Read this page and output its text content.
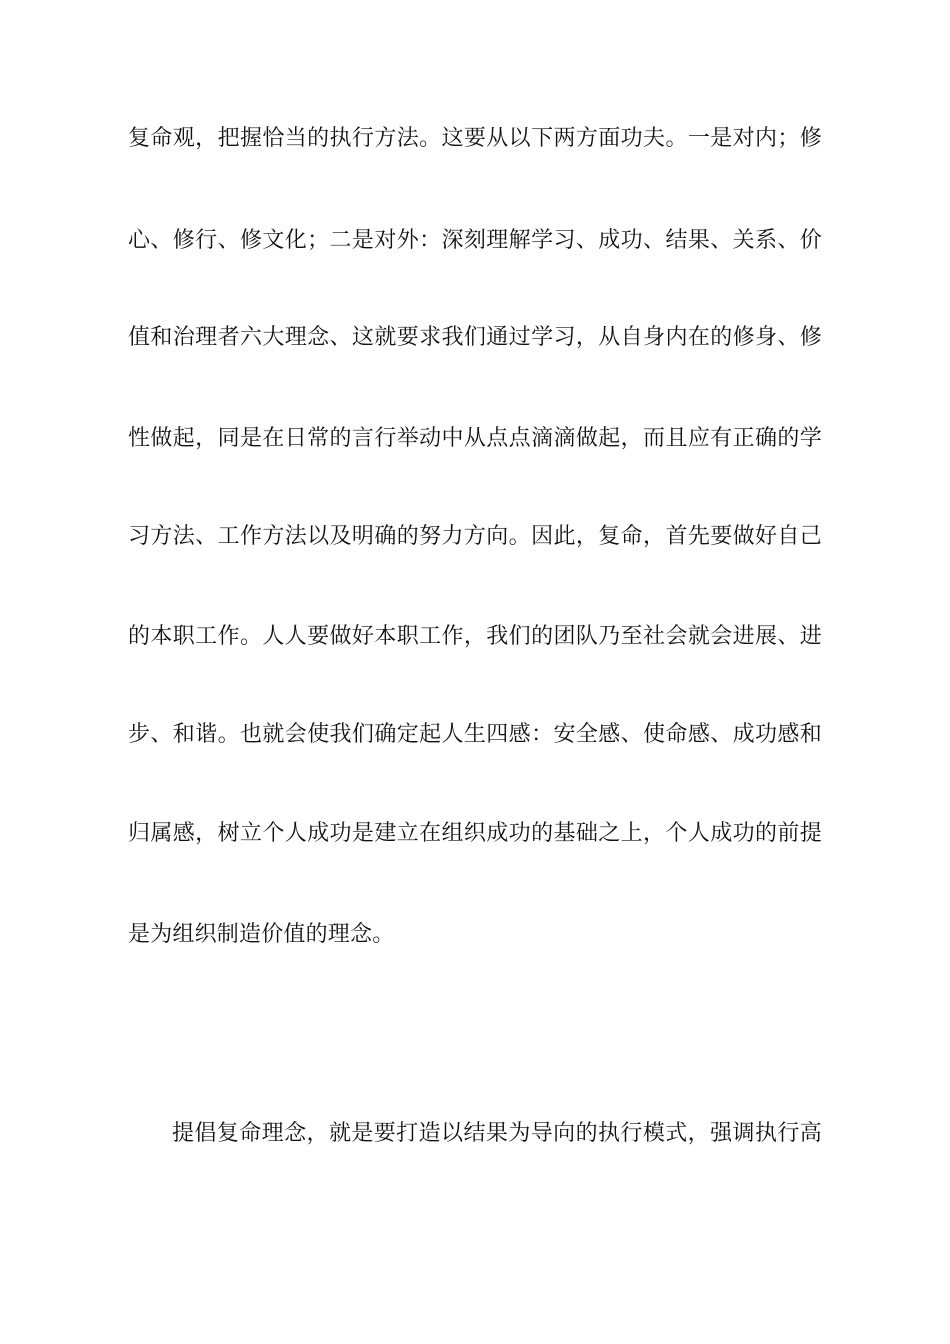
复命观，把握恰当的执行方法。这要从以下两方面功夫。一是对内；修
心、修行、修文化；二是对外：深刻理解学习、成功、结果、关系、价
值和治理者六大理念、这就要求我们通过学习，从自身内在的修身、修
性做起，同是在日常的言行举动中从点点滴滴做起，而且应有正确的学
习方法、工作方法以及明确的努力方向。因此，复命，首先要做好自己
的本职工作。人人要做好本职工作，我们的团队乃至社会就会进展、进
步、和谐。也就会使我们确定起人生四感：安全感、使命感、成功感和
归属感，树立个人成功是建立在组织成功的基础之上，个人成功的前提
是为组织制造价值的理念。
提倡复命理念，就是要打造以结果为导向的执行模式，强调执行高
